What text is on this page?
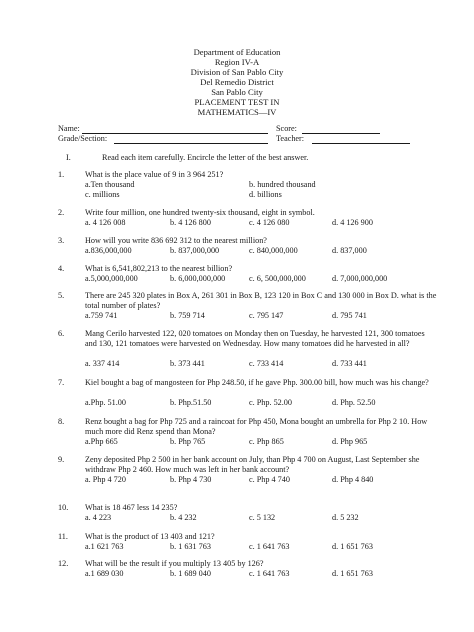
Department of Education
Region IV-A
Division of San Pablo City
Del Remedio District
San Pablo City
PLACEMENT TEST IN
MATHEMATICS—IV
Name:	Score:
Grade/Section:	Teacher:
I.	Read each item carefully. Encircle the letter of the best answer.
1.	What is the place value of 9 in 3 964 251?
a.Ten thousand	b. hundred thousand
c. millions	d. billions
2.	Write four million, one hundred twenty-six thousand, eight in symbol.
a. 4 126 008	b. 4 126 800	c. 4 126 080	d. 4 126 900
3.	How will you write 836 692 312 to the nearest million?
a.836,000,000	b. 837,000,000	c. 840,000,000	d. 837,000
4.	What is 6,541,802,213 to the nearest billion?
a.5,000,000,000	b. 6,000,000,000	c. 6, 500,000,000	d. 7,000,000,000
5.	There are 245 320 plates in Box A, 261 301 in Box B, 123 120 in Box C and 130 000 in Box D. what is the total number of plates?
a.759 741	b. 759 714	c. 795 147	d. 795 741
6.	Mang Cerilo harvested 122, 020 tomatoes on Monday then on Tuesday, he harvested 121, 300 tomatoes and 130, 121 tomatoes were harvested on Wednesday. How many tomatoes did he harvested in all?
a. 337 414	b. 373 441	c. 733 414	d. 733 441
7.	Kiel bought a bag of mangosteen for Php 248.50, if he gave Php. 300.00 bill, how much was his change?
a.Php. 51.00	b. Php.51.50	c. Php. 52.00	d. Php. 52.50
8.	Renz bought a bag for Php 725 and a raincoat for Php 450, Mona bought an umbrella for Php 2 10. How much more did Renz spend than Mona?
a.Php 665	b. Php 765	c. Php 865	d. Php 965
9.	Zeny deposited Php 2 500 in her bank account on July, than Php 4 700 on August, Last September she withdraw Php 2 460. How much was left in her bank account?
a. Php 4 720	b. Php 4 730	c. Php 4 740	d. Php 4 840
10. What is 18 467 less 14 235?
a. 4 223	b. 4 232	c. 5 132	d. 5 232
11. What is the product of 13 403 and 121?
a.1 621 763	b. 1 631 763	c. 1 641 763	d. 1 651 763
12. What will be the result if you multiply 13 405 by 126?
a.1 689 030	b. 1 689 040	c. 1 641 763	d. 1 651 763
